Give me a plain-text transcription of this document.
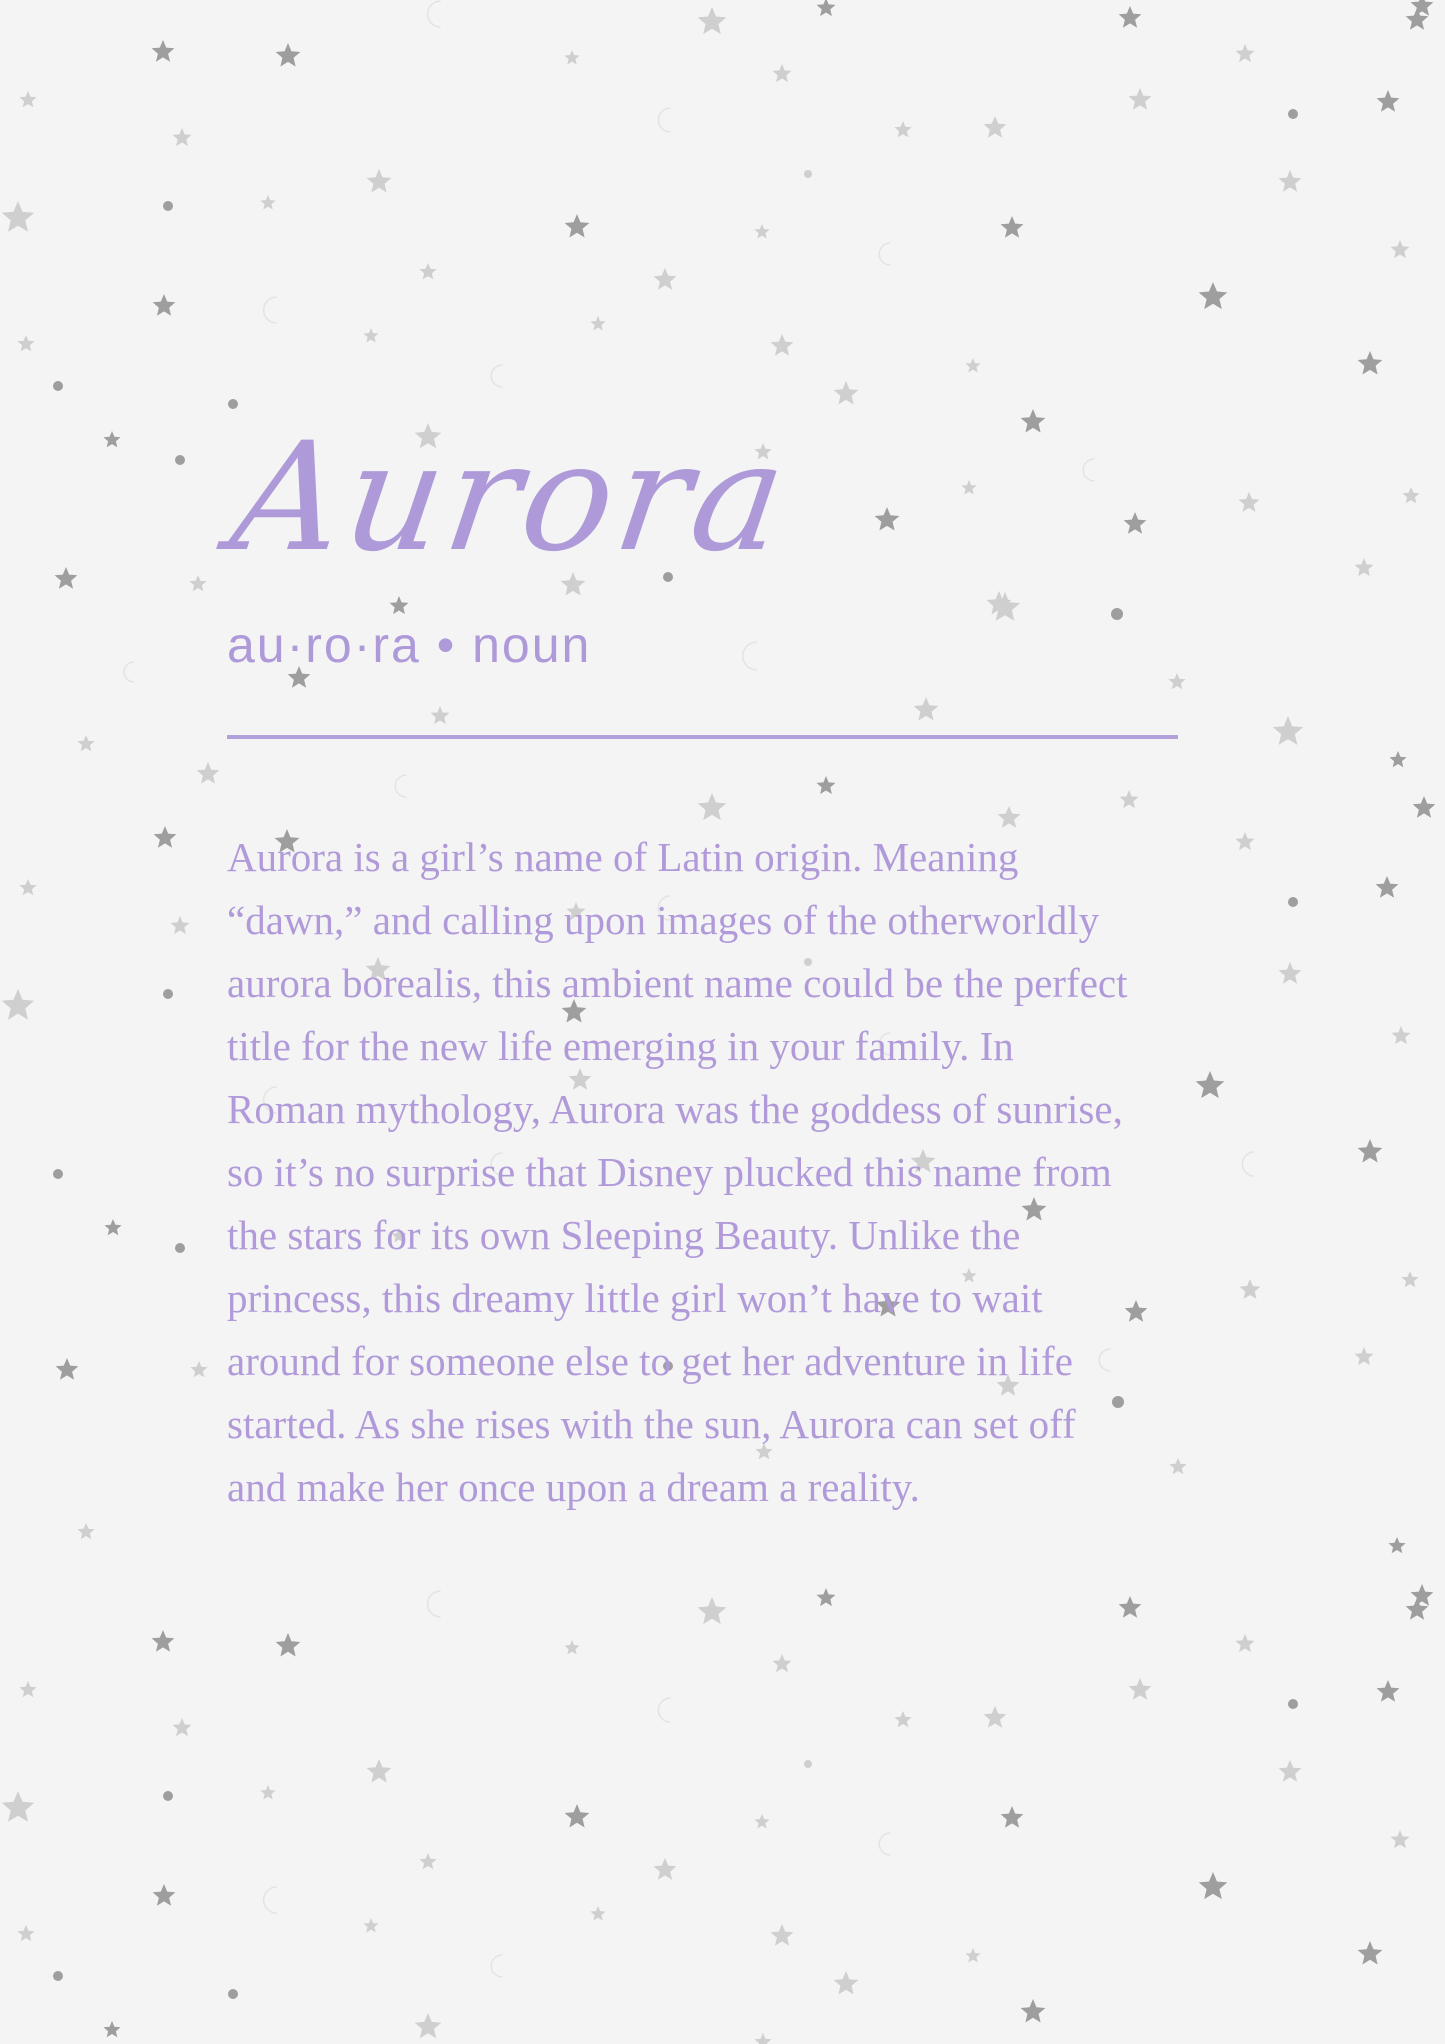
Aurora

au·ro·ra • noun

Aurora is a girl’s name of Latin origin. Meaning
“dawn,” and calling upon images of the otherworldly
aurora borealis, this ambient name could be the perfect
title for the new life emerging in your family. In
Roman mythology, Aurora was the goddess of sunrise,
so it’s no surprise that Disney plucked this name from
the stars for its own Sleeping Beauty. Unlike the
princess, this dreamy little girl won’t have to wait
around for someone else to get her adventure in life
started. As she rises with the sun, Aurora can set off
and make her once upon a dream a reality.
